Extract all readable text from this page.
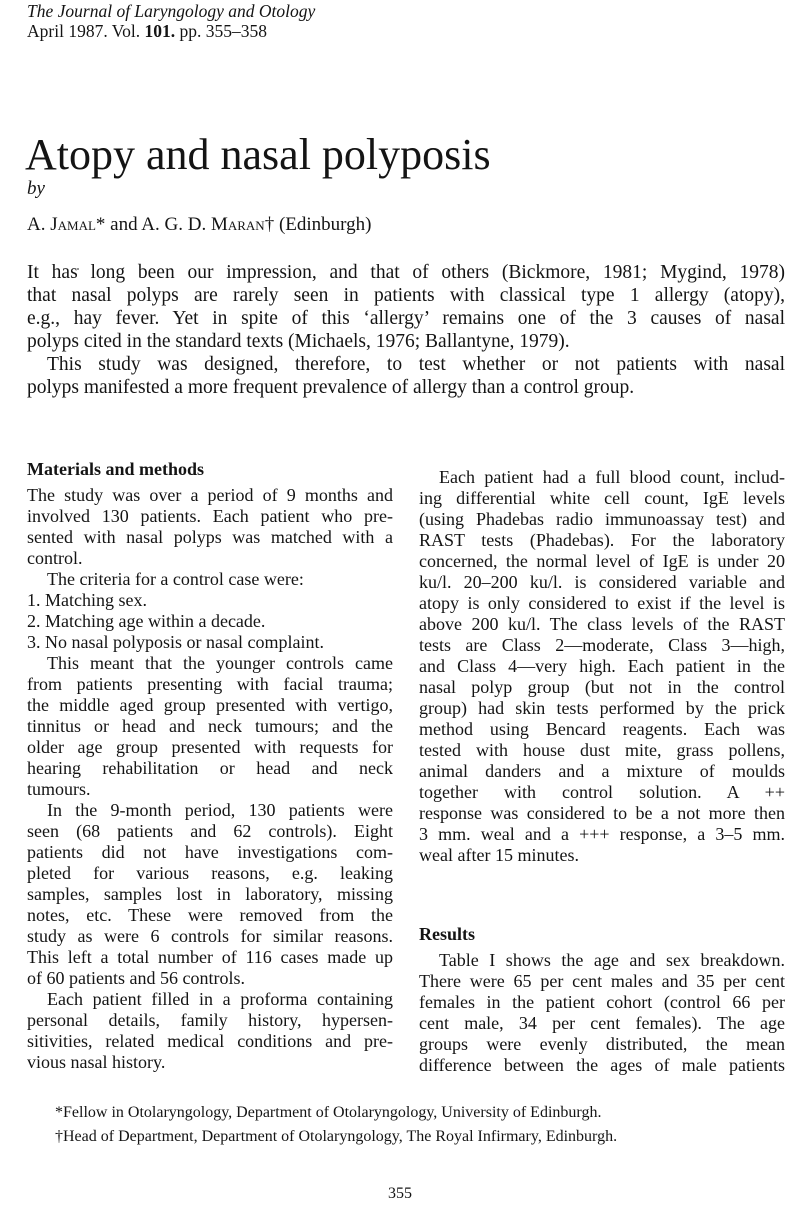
The Journal of Laryngology and Otology
April 1987. Vol. 101. pp. 355–358
Atopy and nasal polyposis
by
A. Jamal* and A. G. D. Maran† (Edinburgh)
It has long been our impression, and that of others (Bickmore, 1981; Mygind, 1978)
that nasal polyps are rarely seen in patients with classical type 1 allergy (atopy),
e.g., hay fever. Yet in spite of this ‘allergy’ remains one of the 3 causes of nasal
polyps cited in the standard texts (Michaels, 1976; Ballantyne, 1979).
This study was designed, therefore, to test whether or not patients with nasal
polyps manifested a more frequent prevalence of allergy than a control group.
Materials and methods
The study was over a period of 9 months and
involved 130 patients. Each patient who pre-
sented with nasal polyps was matched with a
control.
The criteria for a control case were:
1. Matching sex.
2. Matching age within a decade.
3. No nasal polyposis or nasal complaint.
This meant that the younger controls came
from patients presenting with facial trauma;
the middle aged group presented with vertigo,
tinnitus or head and neck tumours; and the
older age group presented with requests for
hearing rehabilitation or head and neck
tumours.
In the 9-month period, 130 patients were
seen (68 patients and 62 controls). Eight
patients did not have investigations com-
pleted for various reasons, e.g. leaking
samples, samples lost in laboratory, missing
notes, etc. These were removed from the
study as were 6 controls for similar reasons.
This left a total number of 116 cases made up
of 60 patients and 56 controls.
Each patient filled in a proforma containing
personal details, family history, hypersen-
sitivities, related medical conditions and pre-
vious nasal history.
Each patient had a full blood count, includ-
ing differential white cell count, IgE levels
(using Phadebas radio immunoassay test) and
RAST tests (Phadebas). For the laboratory
concerned, the normal level of IgE is under 20
ku/l. 20–200 ku/l. is considered variable and
atopy is only considered to exist if the level is
above 200 ku/l. The class levels of the RAST
tests are Class 2—moderate, Class 3—high,
and Class 4—very high. Each patient in the
nasal polyp group (but not in the control
group) had skin tests performed by the prick
method using Bencard reagents. Each was
tested with house dust mite, grass pollens,
animal danders and a mixture of moulds
together with control solution. A ++
response was considered to be a not more then
3 mm. weal and a +++ response, a 3–5 mm.
weal after 15 minutes.
Results
Table I shows the age and sex breakdown.
There were 65 per cent males and 35 per cent
females in the patient cohort (control 66 per
cent male, 34 per cent females). The age
groups were evenly distributed, the mean
difference between the ages of male patients
*Fellow in Otolaryngology, Department of Otolaryngology, University of Edinburgh.
†Head of Department, Department of Otolaryngology, The Royal Infirmary, Edinburgh.
355
